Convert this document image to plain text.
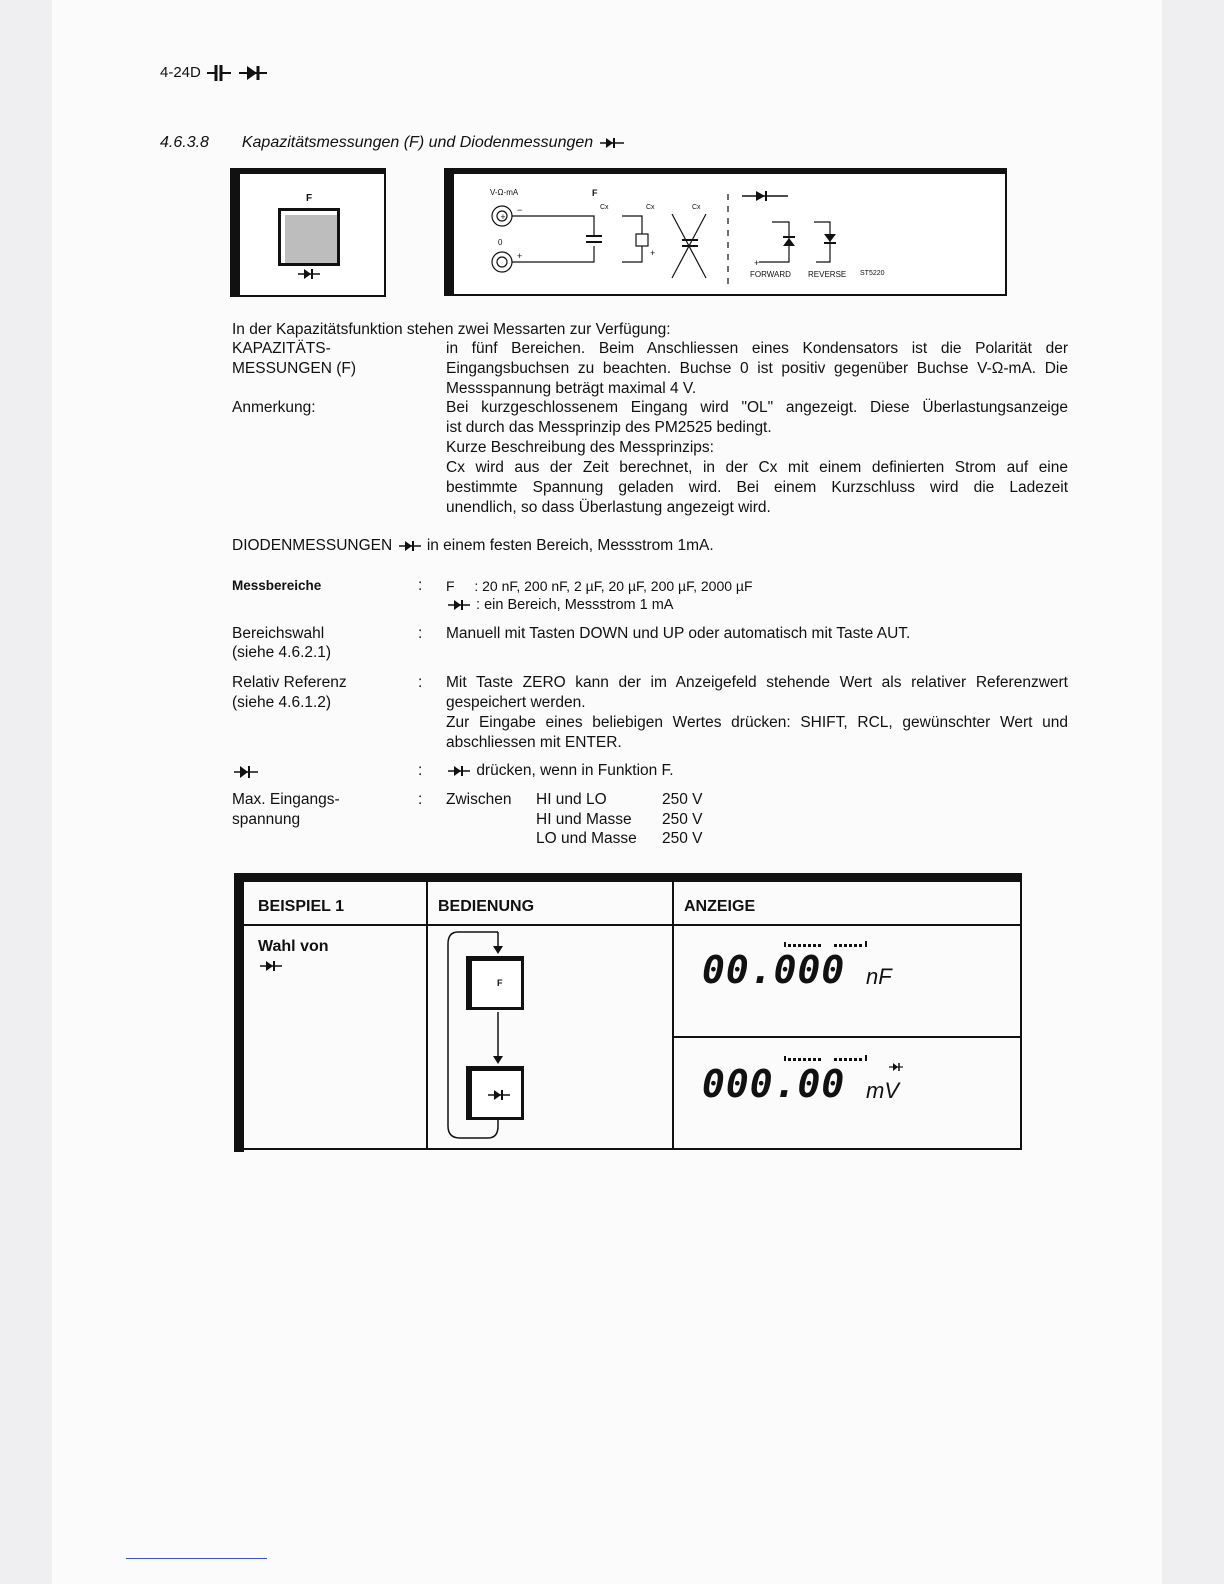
4-24D
4.6.3.8 Kapazitätsmessungen (F) und Diodenmessungen
F
+
−
+	+
+
V-Ω-mA
0
F
Cx	Cx	Cx
FORWARD REVERSE ST5220
In der Kapazitätsfunktion stehen zwei Messarten zur Verfügung:
KAPAZITÄTS-
MESSUNGEN (F)
in fünf Bereichen. Beim Anschliessen eines Kondensators ist die Polarität der
Eingangsbuchsen zu beachten. Buchse 0 ist positiv gegenüber Buchse V-Ω-mA. Die
Messspannung beträgt maximal 4 V.
Anmerkung:	Bei kurzgeschlossenem Eingang wird "OL" angezeigt. Diese Überlastungsanzeige
ist durch das Messprinzip des PM2525 bedingt.
Kurze Beschreibung des Messprinzips:
Cx wird aus der Zeit berechnet, in der Cx mit einem definierten Strom auf eine
bestimmte Spannung geladen wird. Bei einem Kurzschluss wird die Ladezeit
unendlich, so dass Überlastung angezeigt wird.
DIODENMESSUNGEN in einem festen Bereich, Messstrom 1mA.
Messbereiche	: F : 20 nF, 200 nF, 2 µF, 20 µF, 200 µF, 2000 µF
: ein Bereich, Messstrom 1 mA
Bereichswahl
(siehe 4.6.2.1)
: Manuell mit Tasten DOWN und UP oder automatisch mit Taste AUT.
Relativ Referenz
(siehe 4.6.1.2)
: Mit Taste ZERO kann der im Anzeigefeld stehende Wert als relativer Referenzwert
gespeichert werden.
Zur Eingabe eines beliebigen Wertes drücken: SHIFT, RCL, gewünschter Wert und
abschliessen mit ENTER.
:	drücken, wenn in Funktion F.
Max. Eingangs-
spannung
: Zwischen HI und LO	250 V
HI und Masse 250 V
LO und Masse 250 V
BEISPIEL 1	BEDIENUNG	ANZEIGE

Wahl von	F	00.000 nF

		000.00 mV
